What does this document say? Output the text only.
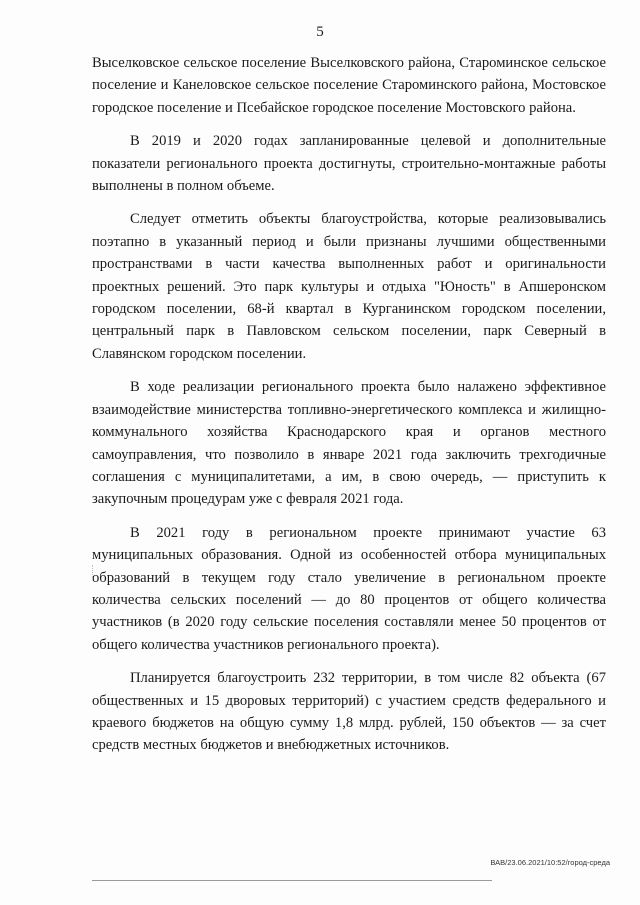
5

Выселковское сельское поселение Выселковского района, Староминское сельское поселение и Канеловское сельское поселение Староминского района, Мостовское городское поселение и Псебайское городское поселение Мостовского района.

В 2019 и 2020 годах запланированные целевой и дополнительные показатели регионального проекта достигнуты, строительно-монтажные работы выполнены в полном объеме.

Следует отметить объекты благоустройства, которые реализовывались поэтапно в указанный период и были признаны лучшими общественными пространствами в части качества выполненных работ и оригинальности проектных решений. Это парк культуры и отдыха "Юность" в Апшеронском городском поселении, 68-й квартал в Курганинском городском поселении, центральный парк в Павловском сельском поселении, парк Северный в Славянском городском поселении.

В ходе реализации регионального проекта было налажено эффективное взаимодействие министерства топливно-энергетического комплекса и жилищно-коммунального хозяйства Краснодарского края и органов местного самоуправления, что позволило в январе 2021 года заключить трехгодичные соглашения с муниципалитетами, а им, в свою очередь, — приступить к закупочным процедурам уже с февраля 2021 года.

В 2021 году в региональном проекте принимают участие 63 муниципальных образования. Одной из особенностей отбора муниципальных образований в текущем году стало увеличение в региональном проекте количества сельских поселений — до 80 процентов от общего количества участников (в 2020 году сельские поселения составляли менее 50 процентов от общего количества участников регионального проекта).

Планируется благоустроить 232 территории, в том числе 82 объекта (67 общественных и 15 дворовых территорий) с участием средств федерального и краевого бюджетов на общую сумму 1,8 млрд. рублей, 150 объектов — за счет средств местных бюджетов и внебюджетных источников.

ВАВ/23.06.2021/10:52/город-среда
